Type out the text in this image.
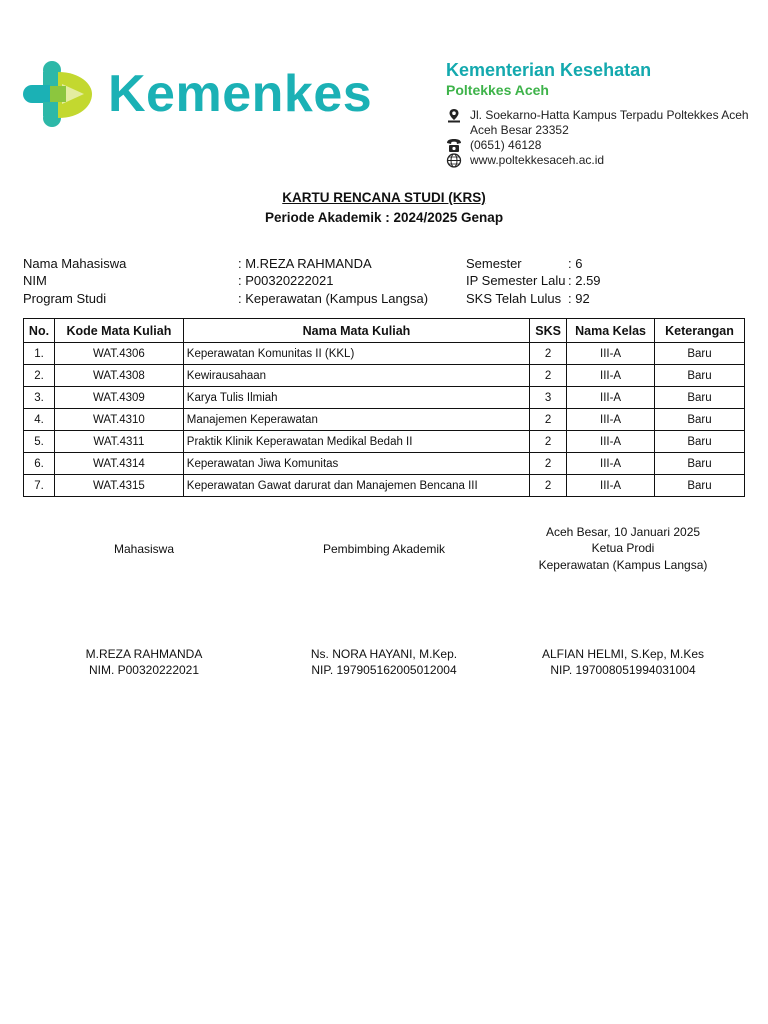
Kemenkes	Kementerian Kesehatan
Poltekkes Aceh
Jl. Soekarno-Hatta Kampus Terpadu Poltekkes Aceh
Aceh Besar 23352
(0651) 46128
www.poltekkesaceh.ac.id
KARTU RENCANA STUDI (KRS)
Periode Akademik : 2024/2025 Genap
Nama Mahasiswa	: M.REZA RAHMANDA
NIM	: P00320222021
Program Studi	: Keperawatan (Kampus Langsa)
Semester	: 6
IP Semester Lalu : 2.59
SKS Telah Lulus : 92
No.	Kode Mata Kuliah	Nama Mata Kuliah	SKS	Nama Kelas	Keterangan
1.	WAT.4306	Keperawatan Komunitas II (KKL)	2	III-A	Baru
2.	WAT.4308	Kewirausahaan	2	III-A	Baru
3.	WAT.4309	Karya Tulis Ilmiah	3	III-A	Baru
4.	WAT.4310	Manajemen Keperawatan	2	III-A	Baru
5.	WAT.4311	Praktik Klinik Keperawatan Medikal Bedah II	2	III-A	Baru
6.	WAT.4314	Keperawatan Jiwa Komunitas	2	III-A	Baru
7.	WAT.4315	Keperawatan Gawat darurat dan Manajemen Bencana III	2	III-A	Baru
Aceh Besar, 10 Januari 2025
Ketua Prodi
Keperawatan (Kampus Langsa)
Mahasiswa	Pembimbing Akademik
M.REZA RAHMANDA
NIM. P00320222021
Ns. NORA HAYANI, M.Kep.
NIP. 197905162005012004
ALFIAN HELMI, S.Kep, M.Kes
NIP. 197008051994031004
